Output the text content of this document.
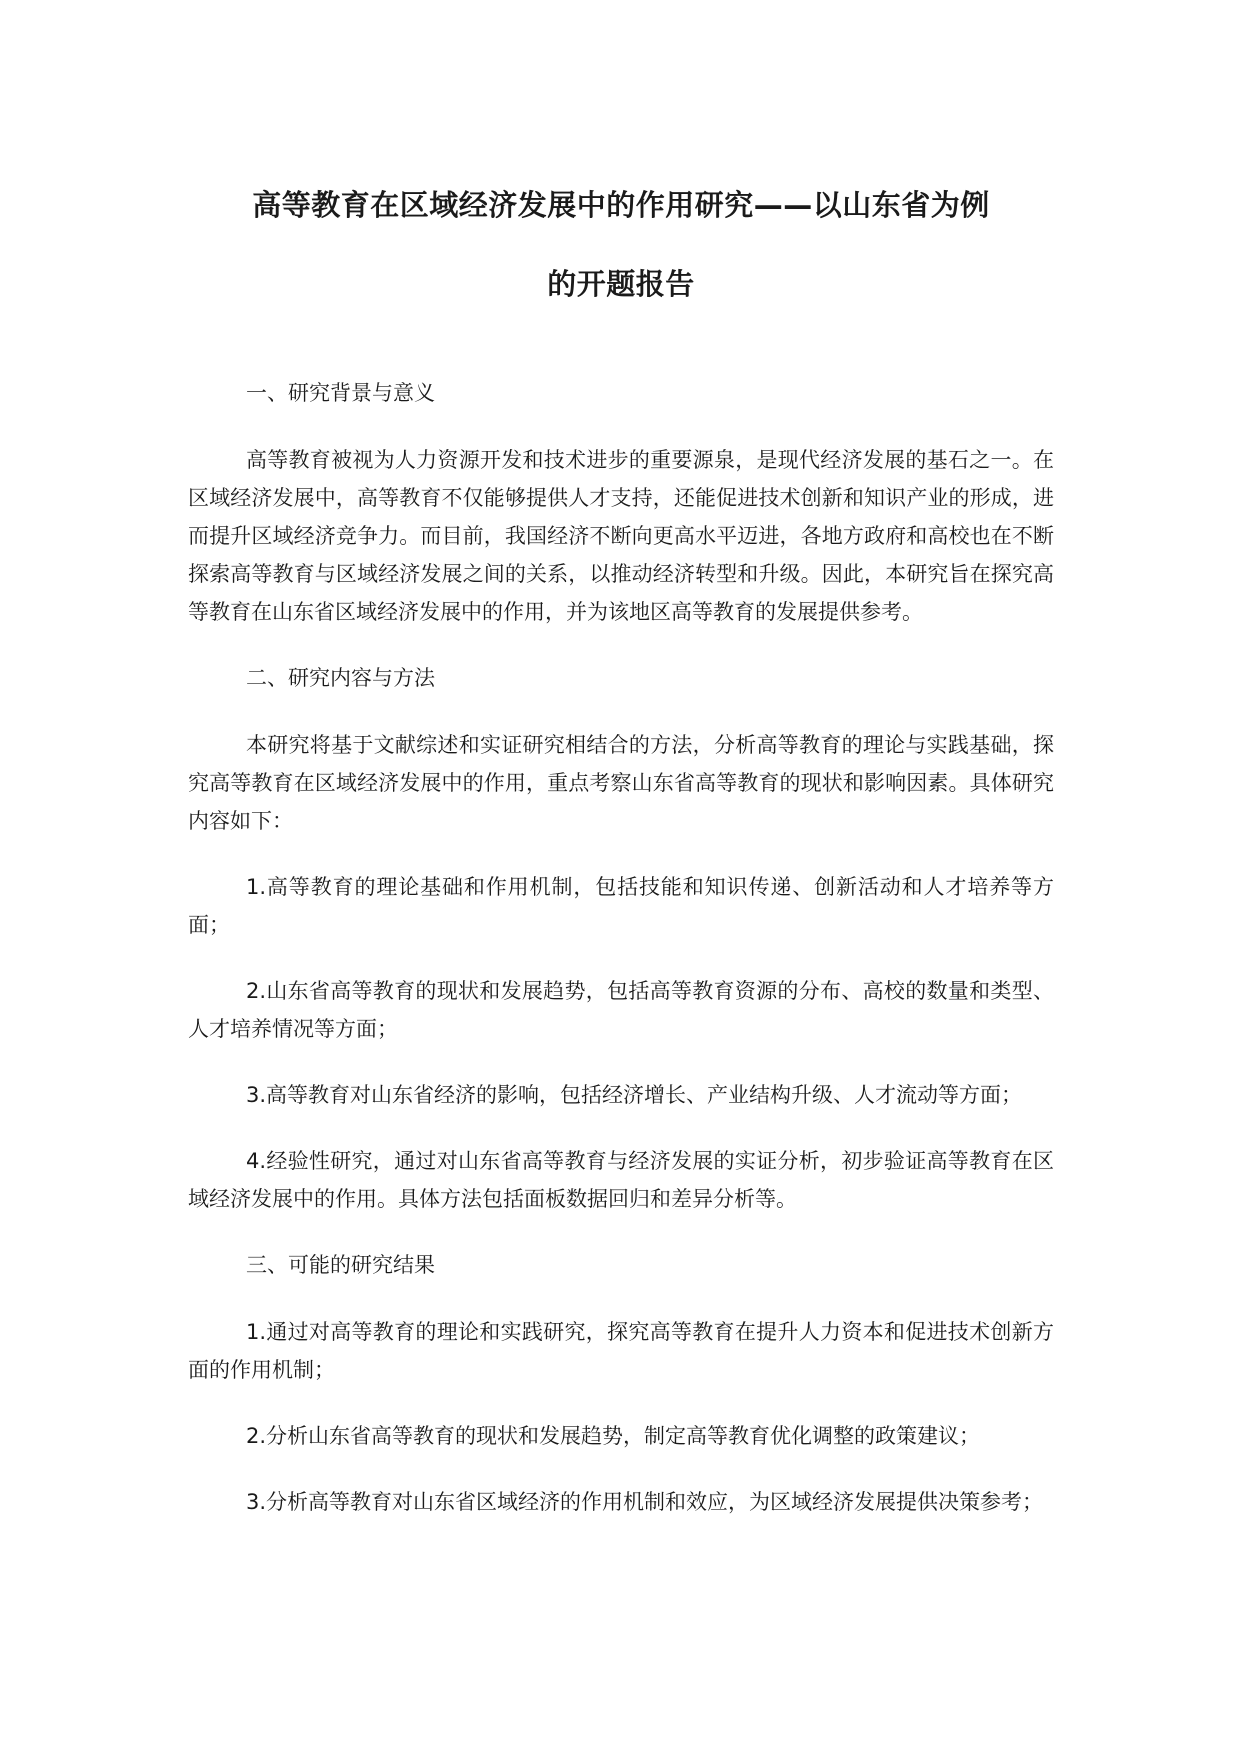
高等教育在区域经济发展中的作用研究——以山东省为例
的开题报告

一、研究背景与意义

高等教育被视为人力资源开发和技术进步的重要源泉，是现代经济发展的基石之一。在区域经济发展中，高等教育不仅能够提供人才支持，还能促进技术创新和知识产业的形成，进而提升区域经济竞争力。而目前，我国经济不断向更高水平迈进，各地方政府和高校也在不断探索高等教育与区域经济发展之间的关系，以推动经济转型和升级。因此，本研究旨在探究高等教育在山东省区域经济发展中的作用，并为该地区高等教育的发展提供参考。

二、研究内容与方法

本研究将基于文献综述和实证研究相结合的方法，分析高等教育的理论与实践基础，探究高等教育在区域经济发展中的作用，重点考察山东省高等教育的现状和影响因素。具体研究内容如下：

1.高等教育的理论基础和作用机制，包括技能和知识传递、创新活动和人才培养等方面；

2.山东省高等教育的现状和发展趋势，包括高等教育资源的分布、高校的数量和类型、人才培养情况等方面；

3.高等教育对山东省经济的影响，包括经济增长、产业结构升级、人才流动等方面；

4.经验性研究，通过对山东省高等教育与经济发展的实证分析，初步验证高等教育在区域经济发展中的作用。具体方法包括面板数据回归和差异分析等。

三、可能的研究结果

1.通过对高等教育的理论和实践研究，探究高等教育在提升人力资本和促进技术创新方面的作用机制；

2.分析山东省高等教育的现状和发展趋势，制定高等教育优化调整的政策建议；

3.分析高等教育对山东省区域经济的作用机制和效应，为区域经济发展提供决策参考；
